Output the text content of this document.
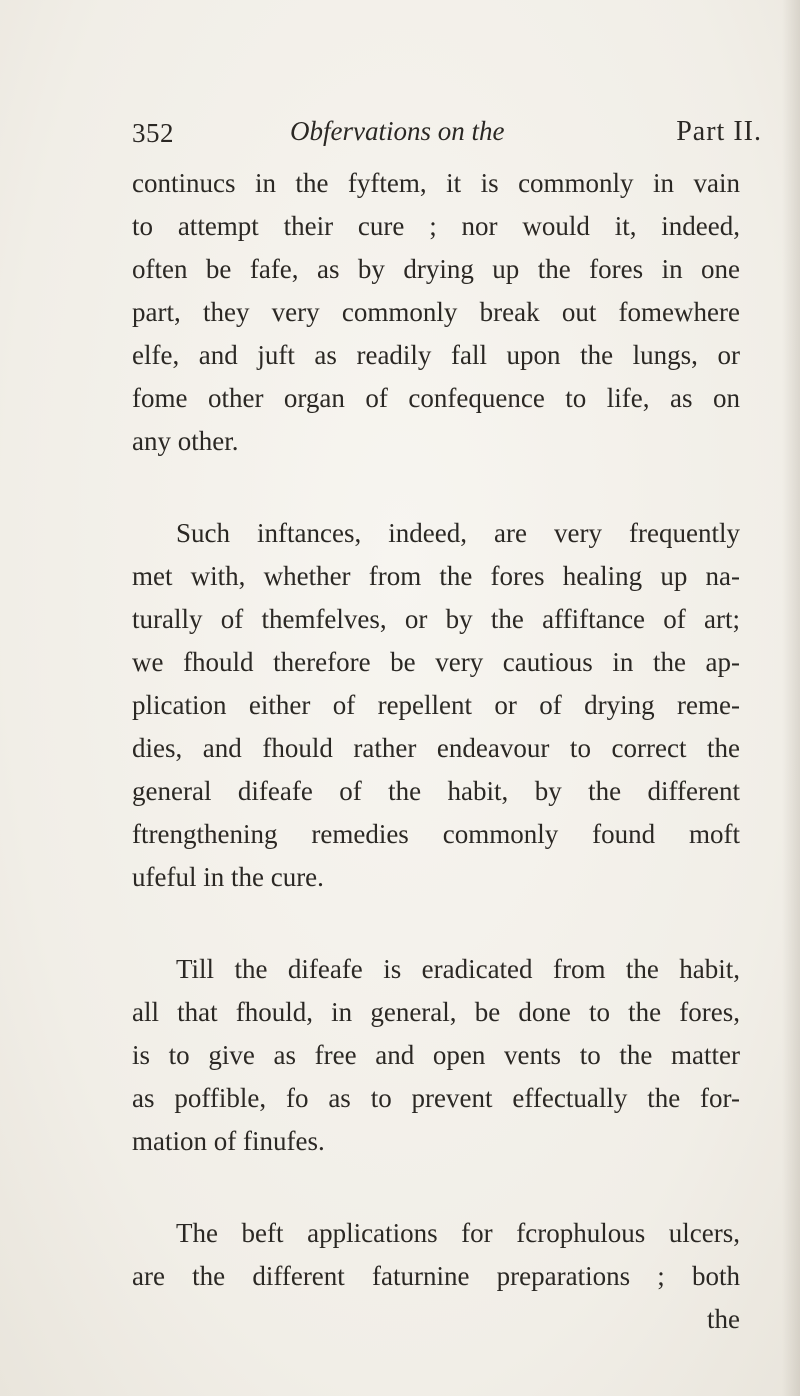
352	Obfervations on the	Part II.
continucs in the fyftem, it is commonly in vain
to attempt their cure ; nor would it, indeed,
often be fafe, as by drying up the fores in one
part, they very commonly break out fomewhere
elfe, and juft as readily fall upon the lungs, or
fome other organ of confequence to life, as on
any other.
Such inftances, indeed, are very frequently
met with, whether from the fores healing up na-
turally of themfelves, or by the affiftance of art;
we fhould therefore be very cautious in the ap-
plication either of repellent or of drying reme-
dies, and fhould rather endeavour to correct the
general difeafe of the habit, by the different
ftrengthening remedies commonly found moft
ufeful in the cure.
Till the difeafe is eradicated from the habit,
all that fhould, in general, be done to the fores,
is to give as free and open vents to the matter
as poffible, fo as to prevent effectually the for-
mation of finufes.
The beft applications for fcrophulous ulcers,
are the different faturnine preparations ; both
the
